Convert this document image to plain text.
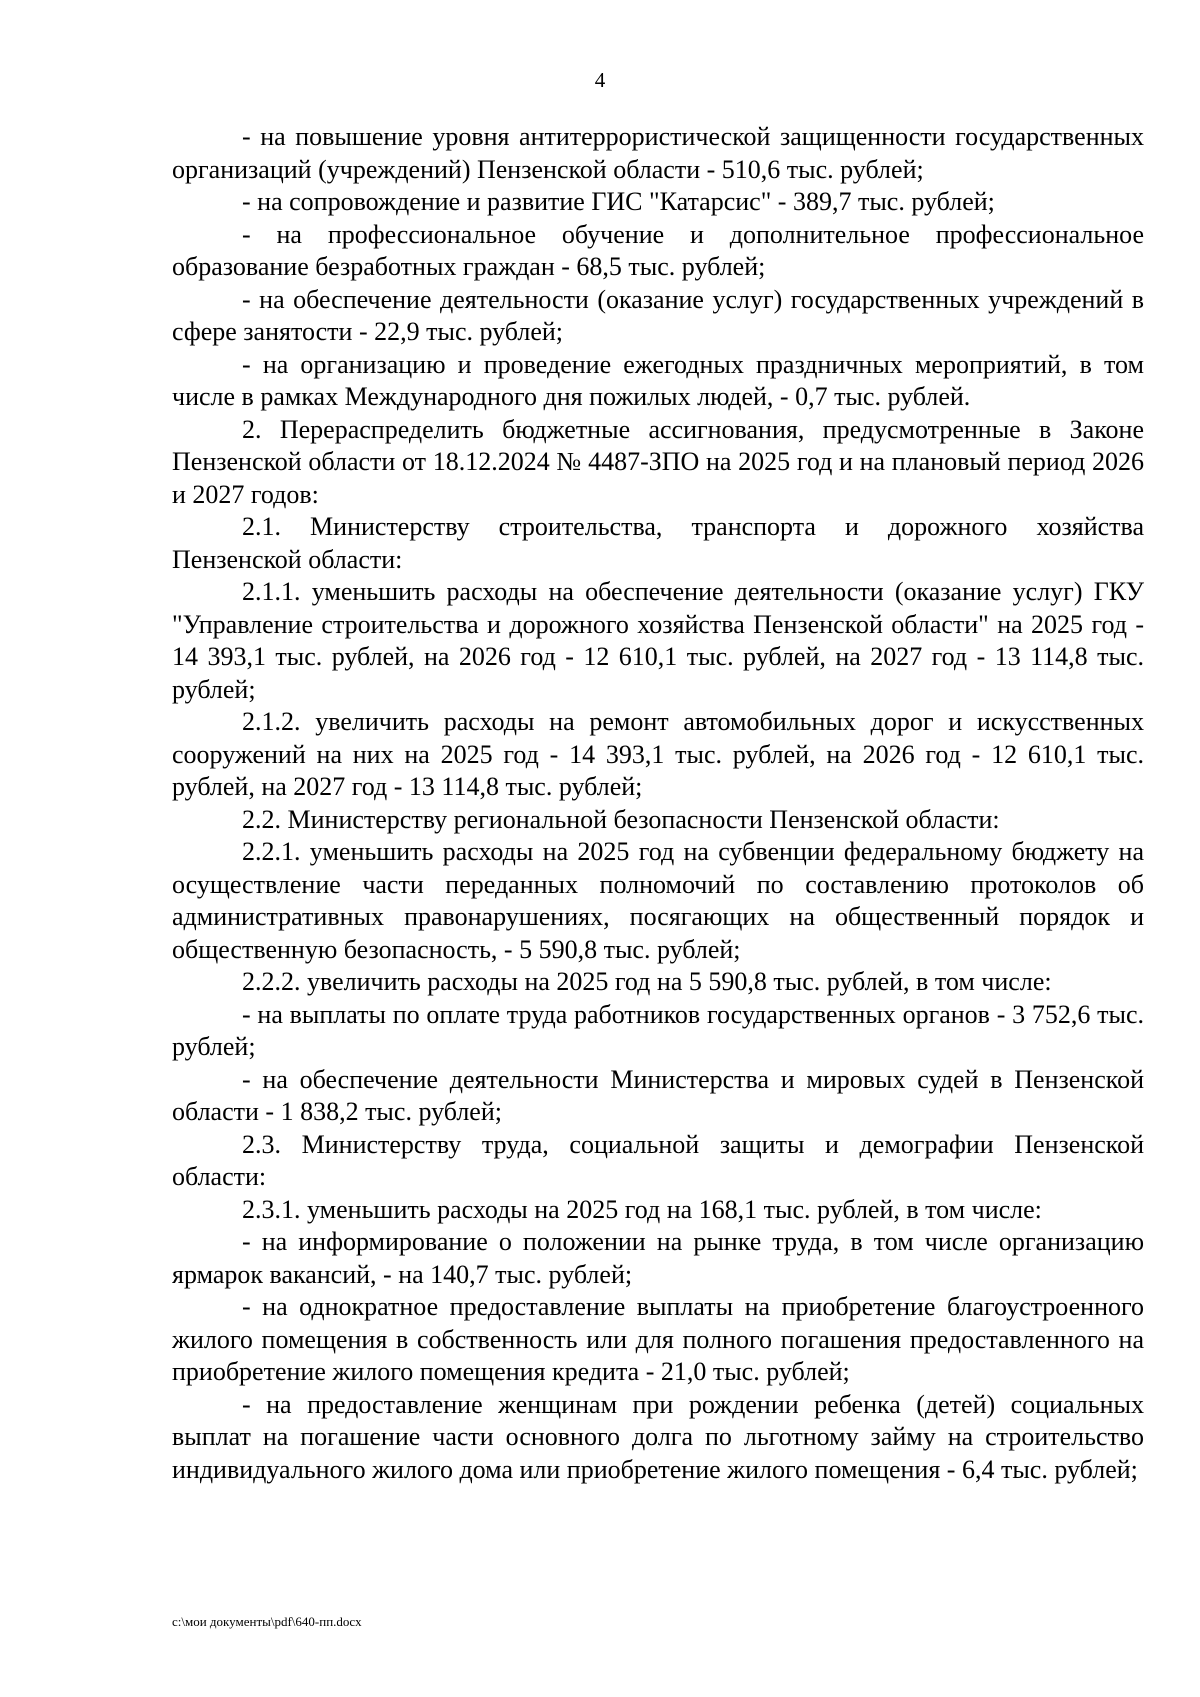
4

- на повышение уровня антитеррористической защищенности государственных организаций (учреждений) Пензенской области - 510,6 тыс. рублей;

- на сопровождение и развитие ГИС "Катарсис" - 389,7 тыс. рублей;

- на профессиональное обучение и дополнительное профессиональное образование безработных граждан - 68,5 тыс. рублей;

- на обеспечение деятельности (оказание услуг) государственных учреждений в сфере занятости - 22,9 тыс. рублей;

- на организацию и проведение ежегодных праздничных мероприятий, в том числе в рамках Международного дня пожилых людей, - 0,7 тыс. рублей.

2. Перераспределить бюджетные ассигнования, предусмотренные в Законе Пензенской области от 18.12.2024 № 4487-ЗПО на 2025 год и на плановый период 2026 и 2027 годов:

2.1. Министерству строительства, транспорта и дорожного хозяйства Пензенской области:

2.1.1. уменьшить расходы на обеспечение деятельности (оказание услуг) ГКУ "Управление строительства и дорожного хозяйства Пензенской области" на 2025 год - 14 393,1 тыс. рублей, на 2026 год - 12 610,1 тыс. рублей, на 2027 год - 13 114,8 тыс. рублей;

2.1.2. увеличить расходы на ремонт автомобильных дорог и искусственных сооружений на них на 2025 год - 14 393,1 тыс. рублей, на 2026 год - 12 610,1 тыс. рублей, на 2027 год - 13 114,8 тыс. рублей;

2.2. Министерству региональной безопасности Пензенской области:

2.2.1. уменьшить расходы на 2025 год на субвенции федеральному бюджету на осуществление части переданных полномочий по составлению протоколов об административных правонарушениях, посягающих на общественный порядок и общественную безопасность, - 5 590,8 тыс. рублей;

2.2.2. увеличить расходы на 2025 год на 5 590,8 тыс. рублей, в том числе:

- на выплаты по оплате труда работников государственных органов - 3 752,6 тыс. рублей;

- на обеспечение деятельности Министерства и мировых судей в Пензенской области - 1 838,2 тыс. рублей;

2.3. Министерству труда, социальной защиты и демографии Пензенской области:

2.3.1. уменьшить расходы на 2025 год на 168,1 тыс. рублей, в том числе:

- на информирование о положении на рынке труда, в том числе организацию ярмарок вакансий, - на 140,7 тыс. рублей;

- на однократное предоставление выплаты на приобретение благоустроенного жилого помещения в собственность или для полного погашения предоставленного на приобретение жилого помещения кредита - 21,0 тыс. рублей;

- на предоставление женщинам при рождении ребенка (детей) социальных выплат на погашение части основного долга по льготному займу на строительство индивидуального жилого дома или приобретение жилого помещения - 6,4 тыс. рублей;

c:\мои документы\pdf\640-пп.docx
